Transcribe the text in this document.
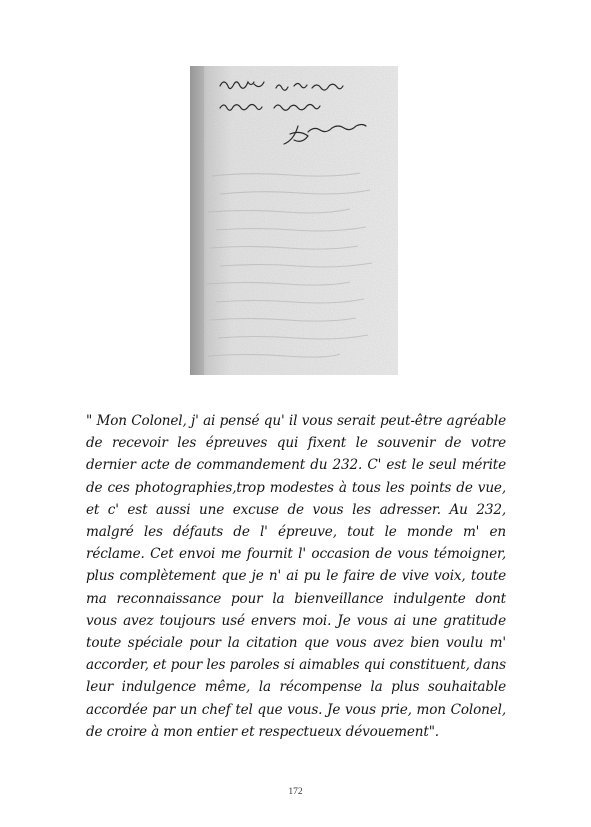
" Mon Colonel, j' ai pensé qu' il vous serait peut-être agréable de recevoir les épreuves qui fixent le souvenir de votre dernier acte de commandement du 232. C' est le seul mérite de ces photographies,trop modestes à tous les points de vue, et c' est aussi une excuse de vous les adresser. Au 232, malgré les défauts de l' épreuve, tout le monde m' en réclame. Cet envoi me fournit l' occasion de vous témoigner, plus complètement que je n' ai pu le faire de vive voix, toute ma reconnaissance pour la bienveillance indulgente dont vous avez toujours usé envers moi. Je vous ai une gratitude toute spéciale pour la citation que vous avez bien voulu m' accorder, et pour les paroles si aimables qui constituent, dans leur indulgence même, la récompense la plus souhaitable accordée par un chef tel que vous. Je vous prie, mon Colonel, de croire à mon entier et respectueux dévouement".

172
